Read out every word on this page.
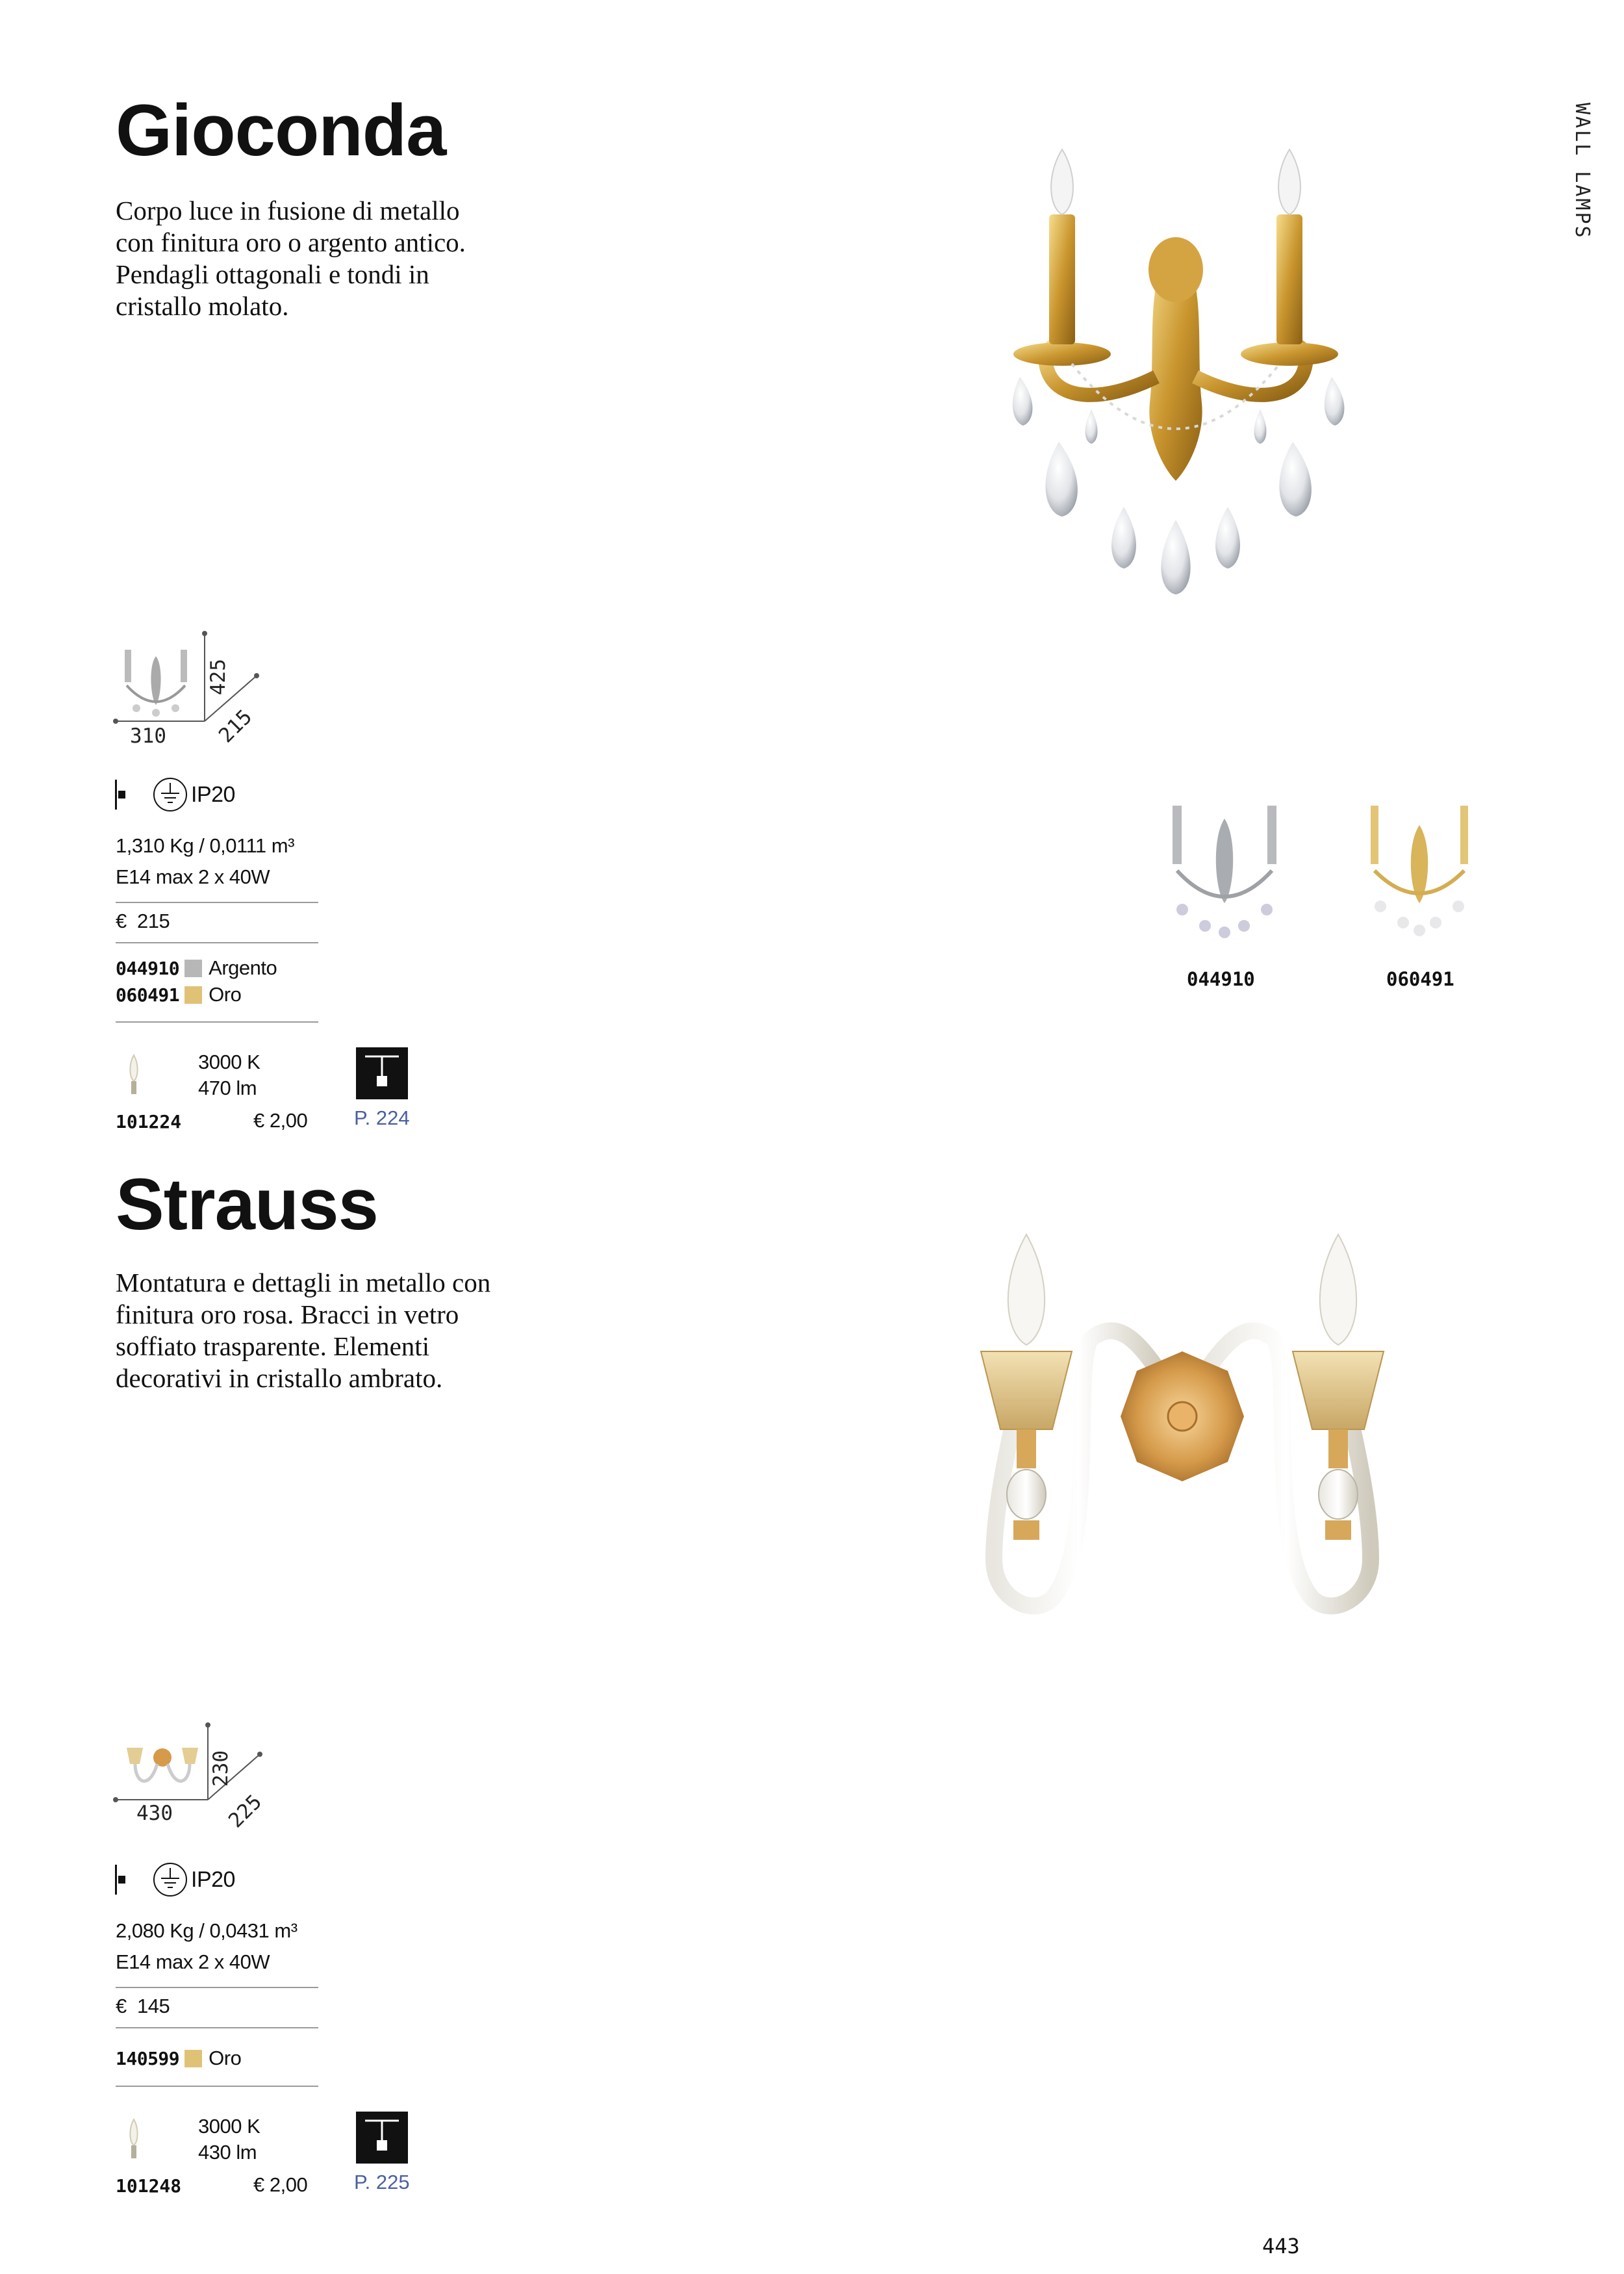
WALL LAMPS
Gioconda
Corpo luce in fusione di metallo
con finitura oro o argento antico.
Pendagli ottagonali e tondi in
cristallo molato.
425
310 215
IP20
1,310 Kg / 0,0111 m³
E14 max 2 x 40W
€ 215
044910 Argento
060491 Oro
3000 K
470 lm
101224	€ 2,00 P. 224
044910	060491
Strauss
Montatura e dettagli in metallo con
finitura oro rosa. Bracci in vetro
soffiato trasparente. Elementi
decorativi in cristallo ambrato.
230
430	225
IP20
2,080 Kg / 0,0431 m³
E14 max 2 x 40W
€ 145
140599 Oro
3000 K
430 lm
101248	€ 2,00 P. 225
443
